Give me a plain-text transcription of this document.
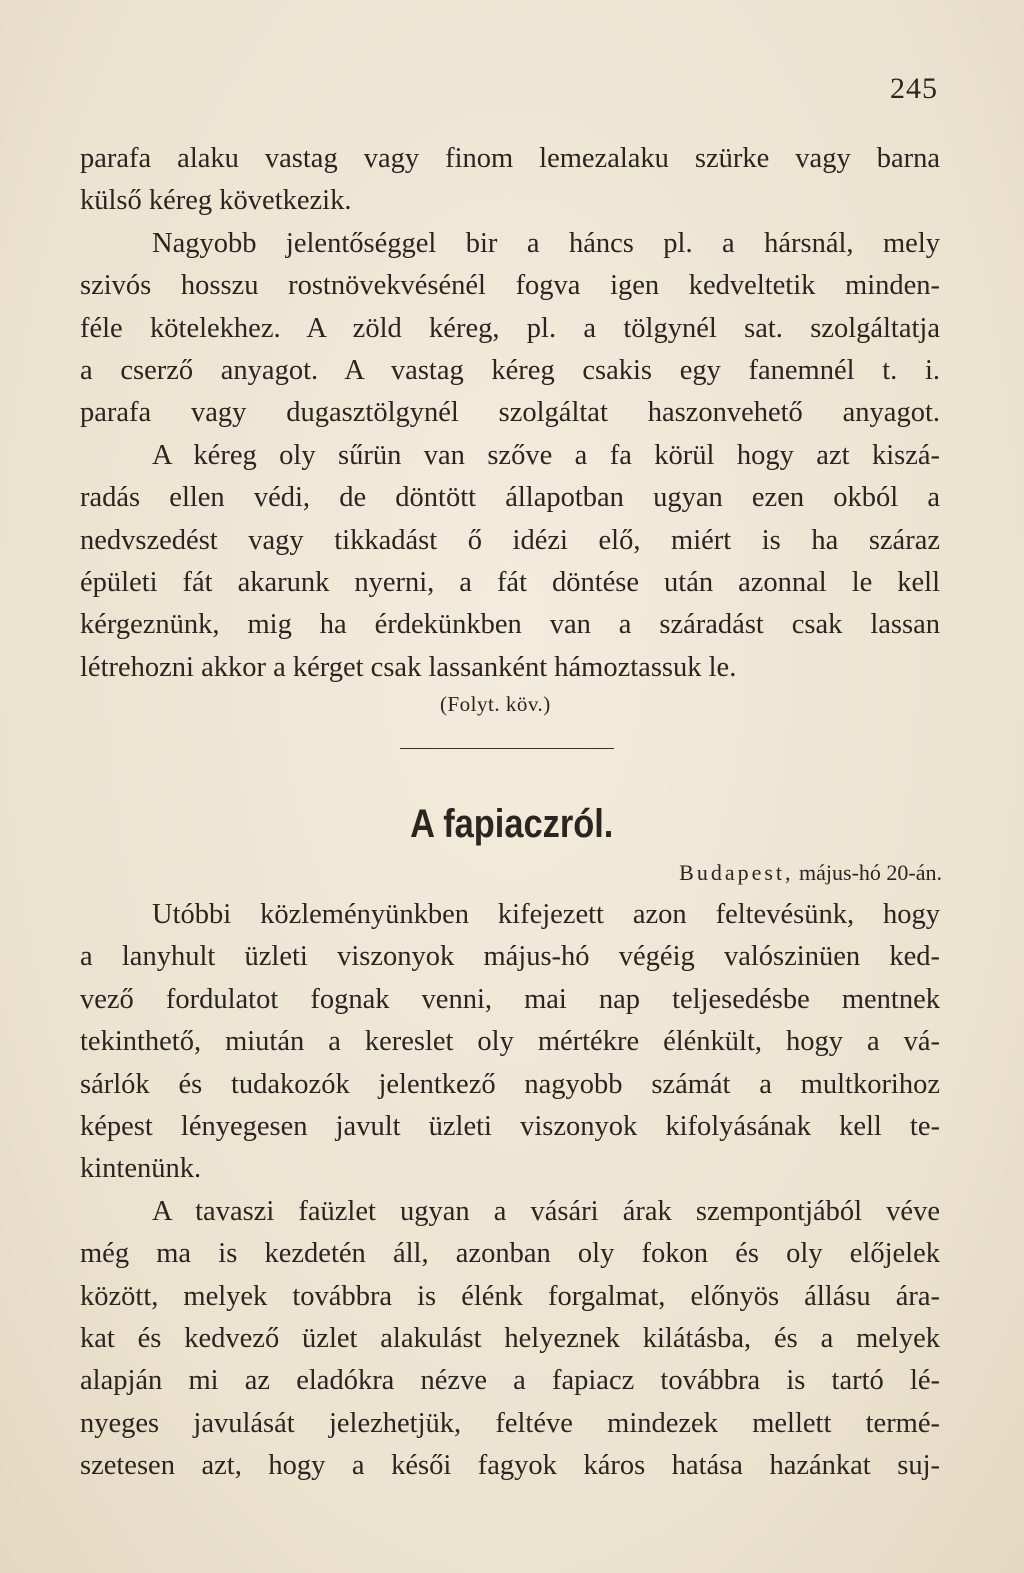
245
parafa alaku vastag vagy finom lemezalaku szürke vagy barna
külső kéreg következik.
Nagyobb jelentőséggel bir a háncs pl. a hársnál, mely
szivós hosszu rostnövekvésénél fogva igen kedveltetik minden-
féle kötelekhez. A zöld kéreg, pl. a tölgynél sat. szolgáltatja
a cserző anyagot. A vastag kéreg csakis egy fanemnél t. i.
parafa vagy dugasztölgynél szolgáltat haszonvehető anyagot.
A kéreg oly sűrün van szőve a fa körül hogy azt kiszá-
radás ellen védi, de döntött állapotban ugyan ezen okból a
nedvszedést vagy tikkadást ő idézi elő, miért is ha száraz
épületi fát akarunk nyerni, a fát döntése után azonnal le kell
kérgeznünk, mig ha érdekünkben van a száradást csak lassan
létrehozni akkor a kérget csak lassanként hámoztassuk le.
(Folyt. köv.)
A fapiaczról.
Budapest, május-hó 20-án.
Utóbbi közleményünkben kifejezett azon feltevésünk, hogy
a lanyhult üzleti viszonyok május-hó végéig valószinüen ked-
vező fordulatot fognak venni, mai nap teljesedésbe mentnek
tekinthető, miután a kereslet oly mértékre élénkült, hogy a vá-
sárlók és tudakozók jelentkező nagyobb számát a multkorihoz
képest lényegesen javult üzleti viszonyok kifolyásának kell te-
kintenünk.
A tavaszi faüzlet ugyan a vásári árak szempontjából véve
még ma is kezdetén áll, azonban oly fokon és oly előjelek
között, melyek továbbra is élénk forgalmat, előnyös állásu ára-
kat és kedvező üzlet alakulást helyeznek kilátásba, és a melyek
alapján mi az eladókra nézve a fapiacz továbbra is tartó lé-
nyeges javulását jelezhetjük, feltéve mindezek mellett termé-
szetesen azt, hogy a késői fagyok káros hatása hazánkat suj-
